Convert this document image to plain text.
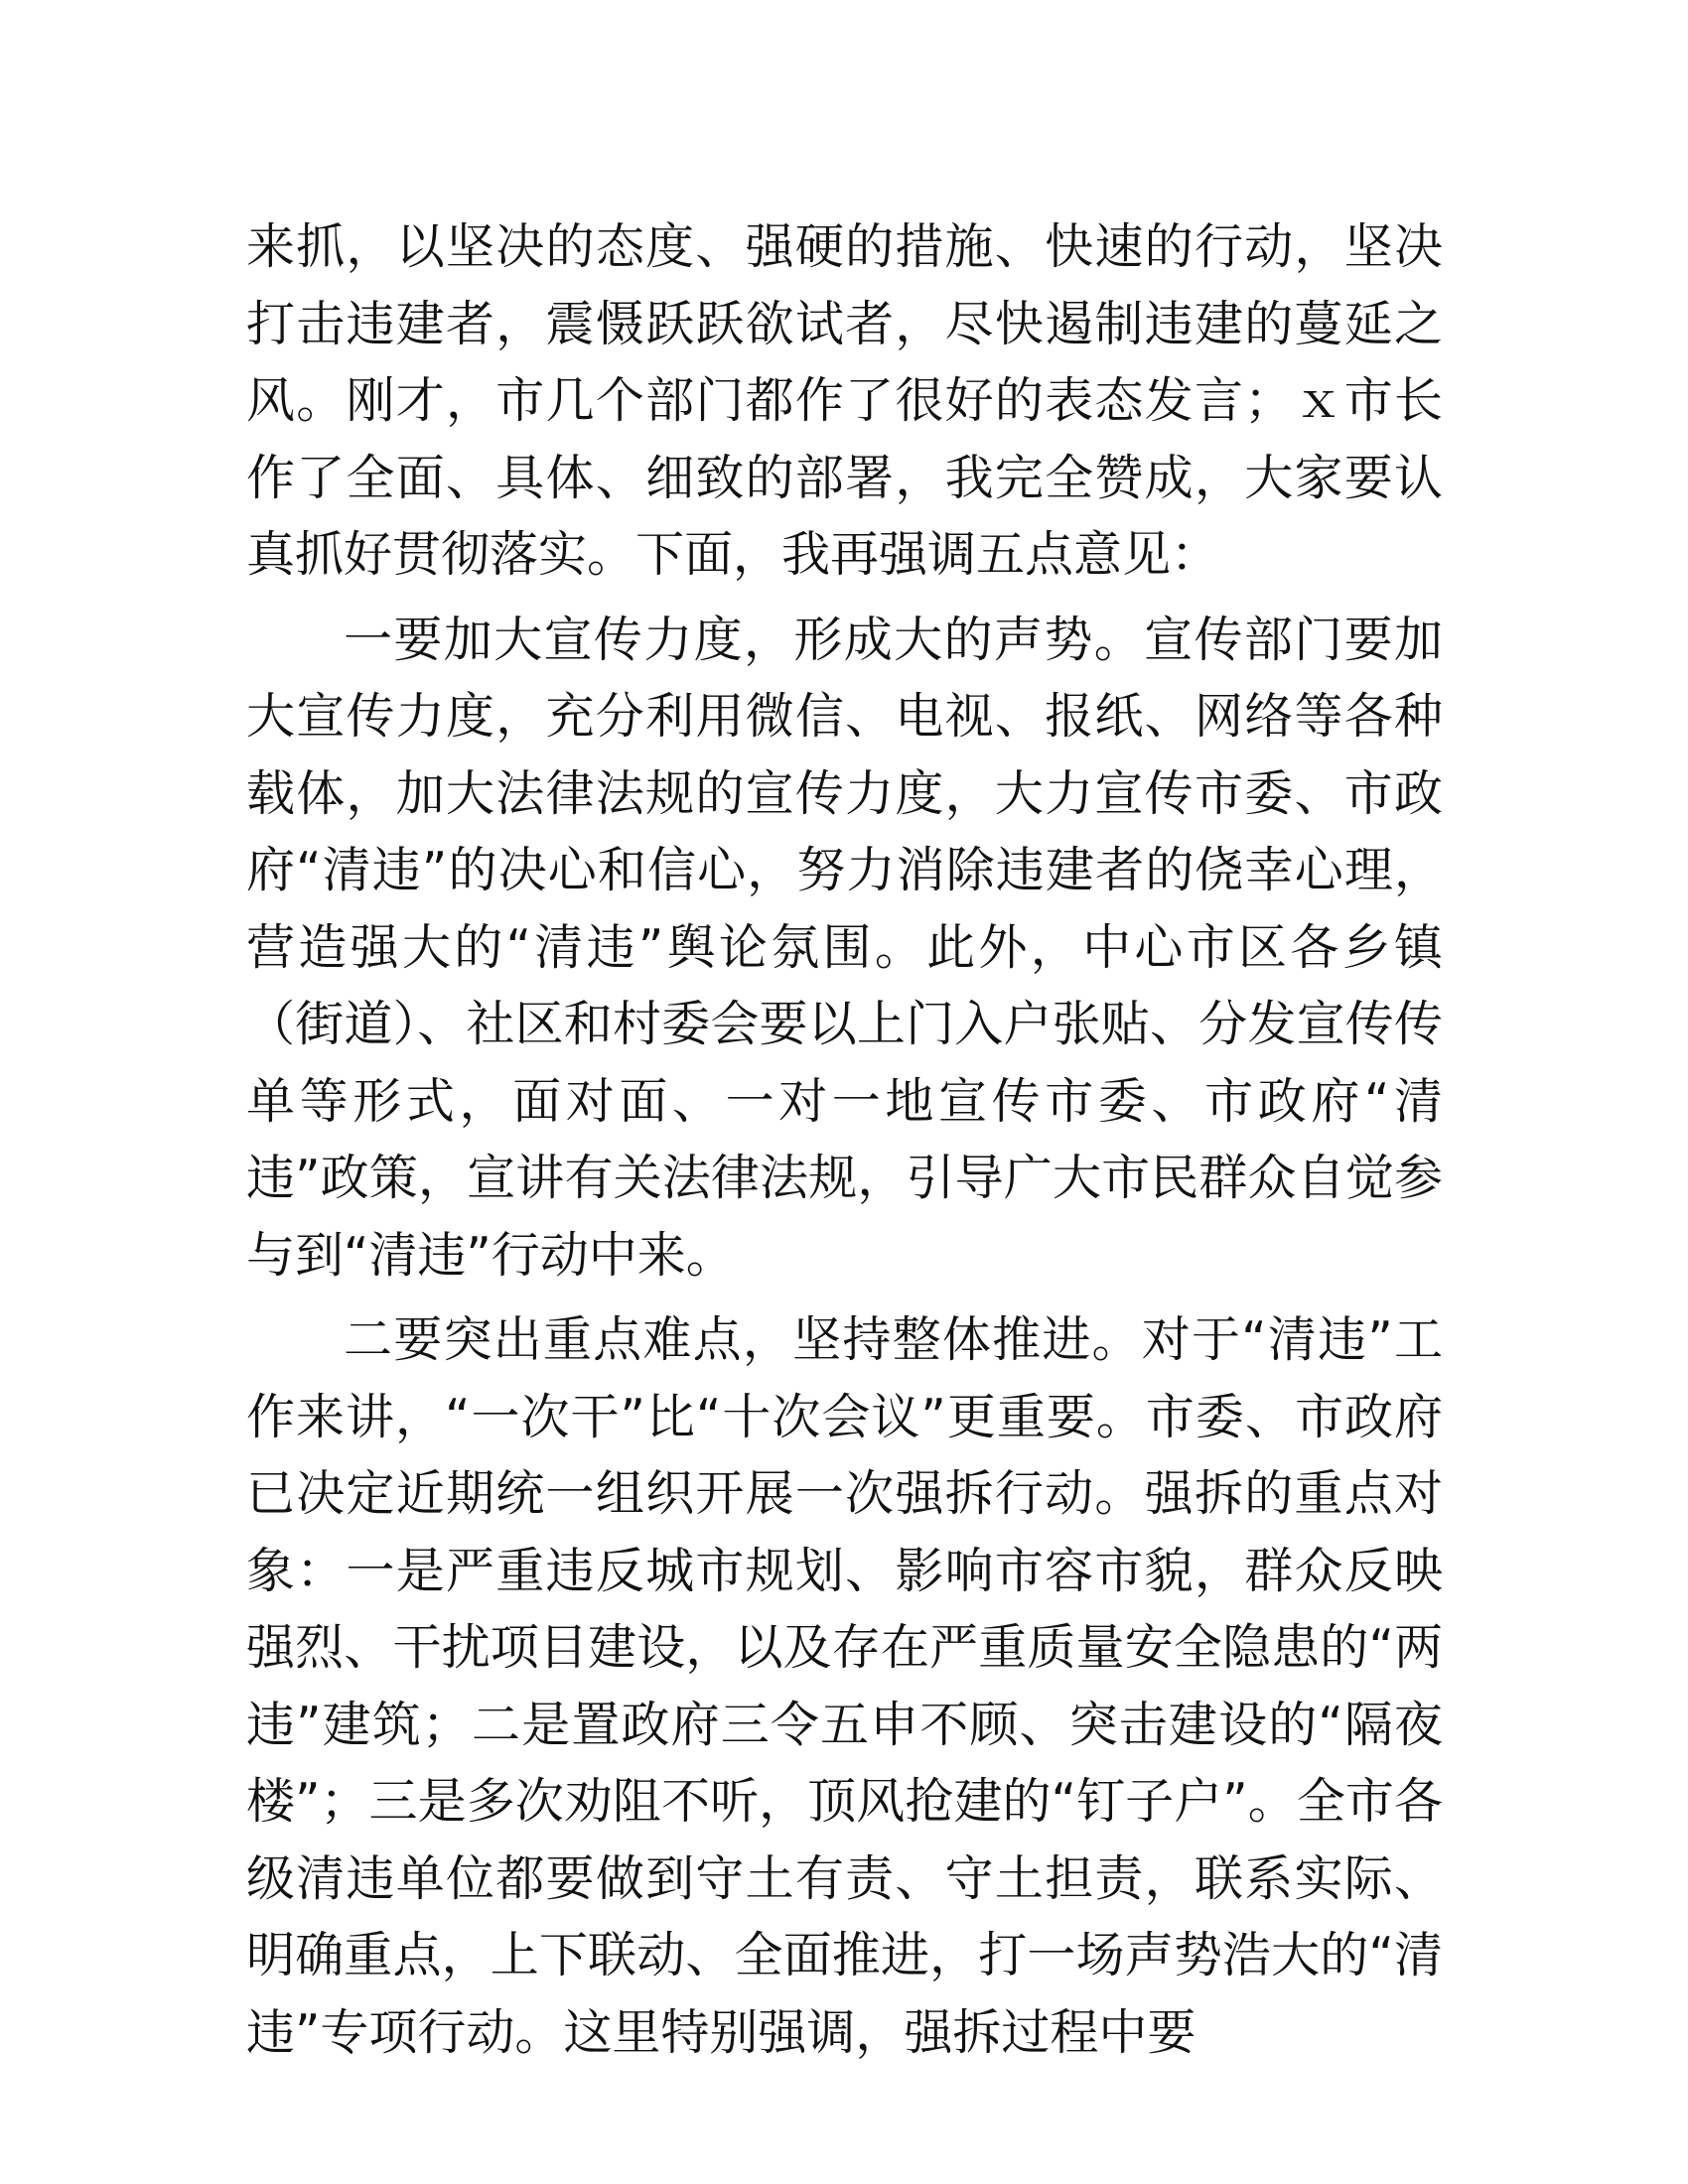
来抓，以坚决的态度、强硬的措施、快速的行动，坚决打击违建者，震慑跃跃欲试者，尽快遏制违建的蔓延之风。刚才，市几个部门都作了很好的表态发言；ｘ市长作了全面、具体、细致的部署，我完全赞成，大家要认真抓好贯彻落实。下面，我再强调五点意见：

一要加大宣传力度，形成大的声势。宣传部门要加大宣传力度，充分利用微信、电视、报纸、网络等各种载体，加大法律法规的宣传力度，大力宣传市委、市政府“清违”的决心和信心，努力消除违建者的侥幸心理，营造强大的“清违”舆论氛围。此外，中心市区各乡镇（街道）、社区和村委会要以上门入户张贴、分发宣传传单等形式，面对面、一对一地宣传市委、市政府“清违”政策，宣讲有关法律法规，引导广大市民群众自觉参与到“清违”行动中来。

二要突出重点难点，坚持整体推进。对于“清违”工作来讲，“一次干”比“十次会议”更重要。市委、市政府已决定近期统一组织开展一次强拆行动。强拆的重点对象：一是严重违反城市规划、影响市容市貌，群众反映强烈、干扰项目建设，以及存在严重质量安全隐患的“两违”建筑；二是置政府三令五申不顾、突击建设的“隔夜楼”；三是多次劝阻不听，顶风抢建的“钉子户”。全市各级清违单位都要做到守土有责、守土担责，联系实际、明确重点，上下联动、全面推进，打一场声势浩大的“清违”专项行动。这里特别强调，强拆过程中要
